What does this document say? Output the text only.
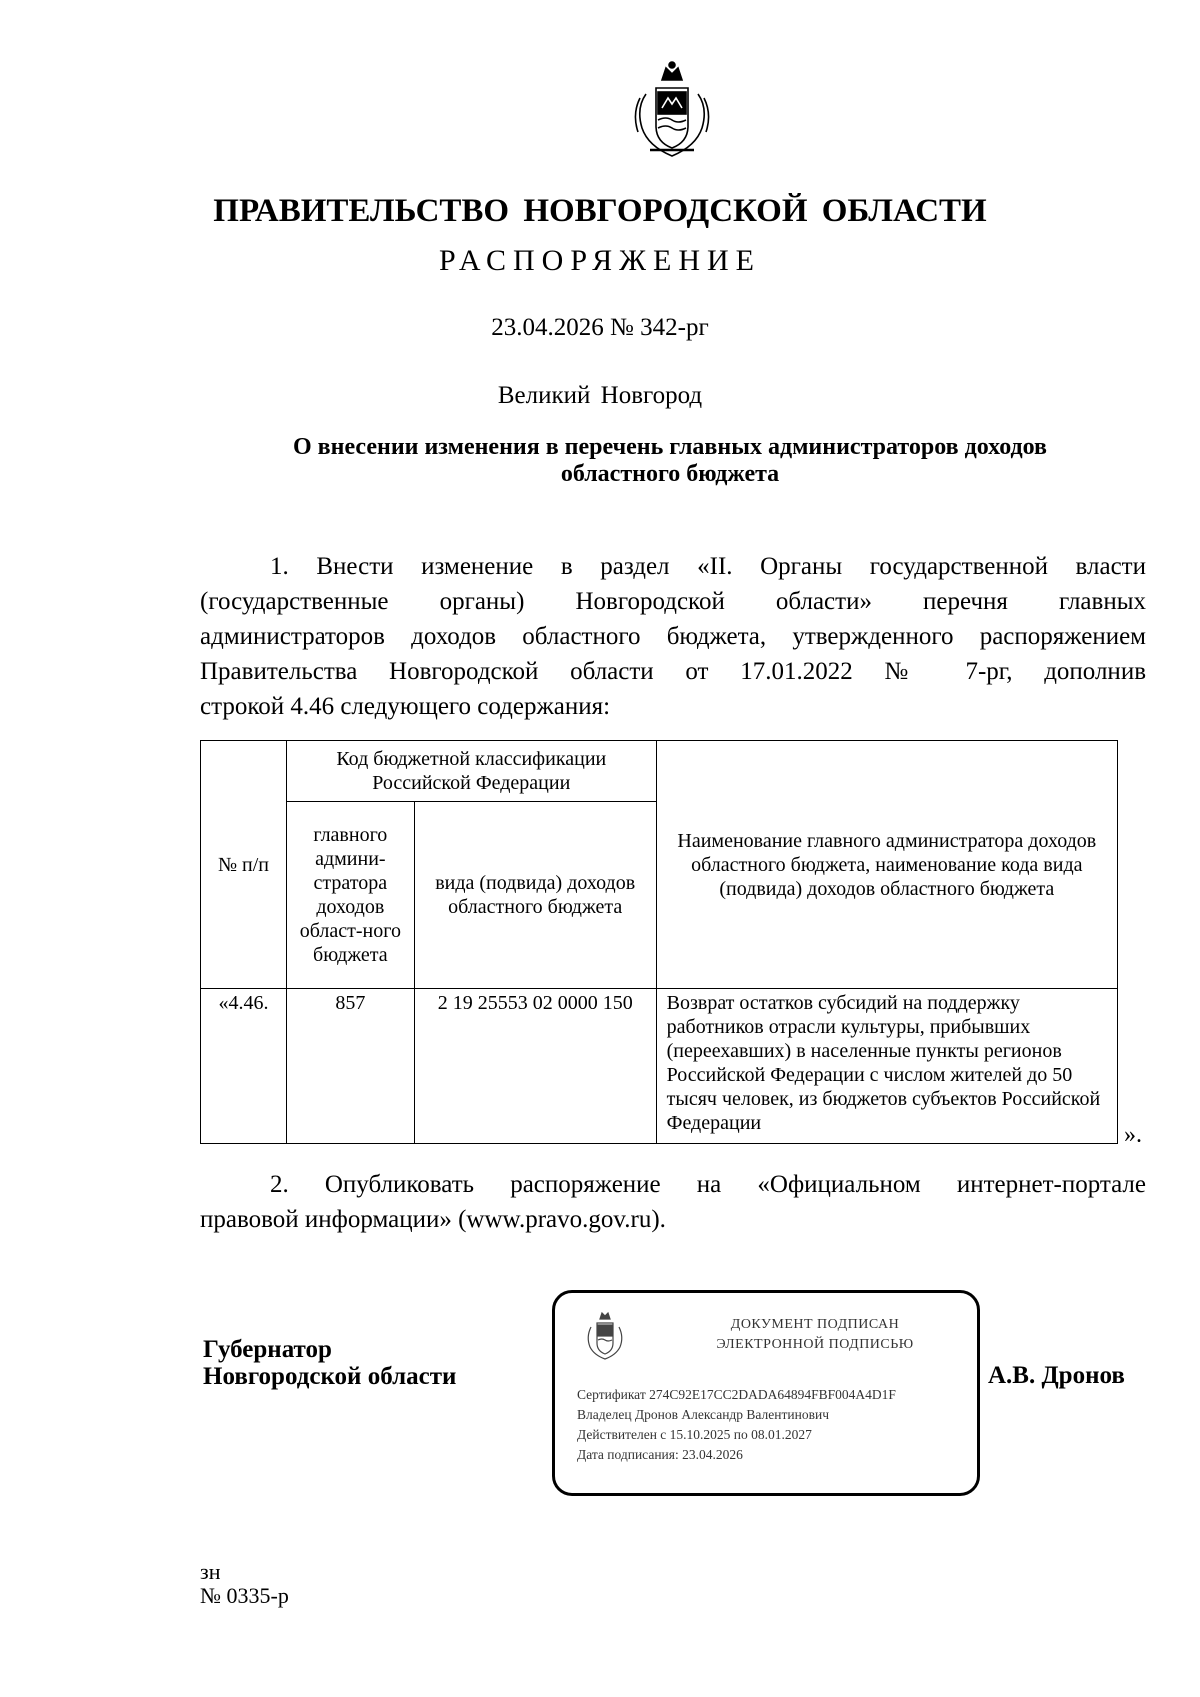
ПРАВИТЕЛЬСТВО НОВГОРОДСКОЙ ОБЛАСТИ
РАСПОРЯЖЕНИЕ
23.04.2026 № 342-рг
Великий Новгород
О внесении изменения в перечень главных администраторов доходов
областного бюджета
1. Внести изменение в раздел «II. Органы государственной власти
(государственные органы) Новгородской области» перечня главных
администраторов доходов областного бюджета, утвержденного распоряжением
Правительства Новгородской области от 17.01.2022 № 7-рг, дополнив
строкой 4.46 следующего содержания:
№ п/п	Код бюджетной классификации Российской Федерации		Наименование главного администратора доходов областного бюджета, наименование кода вида (подвида) доходов областного бюджета
	главного админи-стратора доходов област-ного бюджета	вида (подвида) доходов областного бюджета	
«4.46.	857	2 19 25553 02 0000 150	Возврат остатков субсидий на поддержку работников отрасли культуры, прибывших (переехавших) в населенные пункты регионов Российской Федерации с числом жителей до 50 тысяч человек, из бюджетов субъектов Российской Федерации	».
2. Опубликовать распоряжение на «Официальном интернет-портале
правовой информации» (www.pravo.gov.ru).
Губернатор
Новгородской области
ДОКУМЕНТ ПОДПИСАН
ЭЛЕКТРОННОЙ ПОДПИСЬЮ
Сертификат 274C92E17CC2DADA64894FBF004A4D1F
Владелец Дронов Александр Валентинович
Действителен с 15.10.2025 по 08.01.2027
Дата подписания: 23.04.2026
А.В. Дронов
зн
№ 0335-р
